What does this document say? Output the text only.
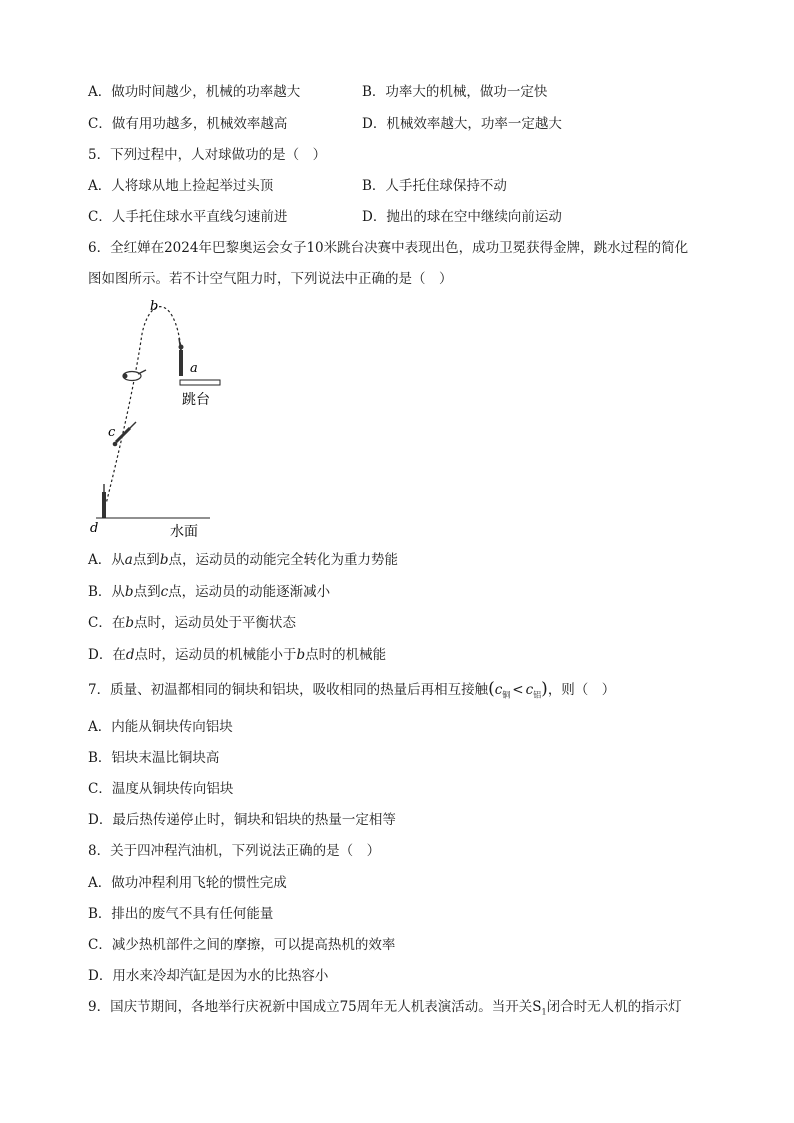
A．做功时间越少，机械的功率越大	B．功率大的机械，做功一定快
C．做有用功越多，机械效率越高	D．机械效率越大，功率一定越大
5．下列过程中，人对球做功的是（　）
A．人将球从地上捡起举过头顶	B．人手托住球保持不动
C．人手托住球水平直线匀速前进	D．抛出的球在空中继续向前运动
6．全红婵在2024年巴黎奥运会女子10米跳台决赛中表现出色，成功卫冕获得金牌，跳水过程的简化
图如图所示。若不计空气阻力时，下列说法中正确的是（　）
b
a
c
d
跳台
水面
A．从a点到b点，运动员的动能完全转化为重力势能
B．从b点到c点，运动员的动能逐渐减小
C．在b点时，运动员处于平衡状态
D．在d点时，运动员的机械能小于b点时的机械能
7．质量、初温都相同的铜块和铝块，吸收相同的热量后再相互接触$(c_铜 < c_铝)$，则（　）
A．内能从铜块传向铝块
B．铝块末温比铜块高
C．温度从铜块传向铝块
D．最后热传递停止时，铜块和铝块的热量一定相等
8．关于四冲程汽油机，下列说法正确的是（　）
A．做功冲程利用飞轮的惯性完成
B．排出的废气不具有任何能量
C．减少热机部件之间的摩擦，可以提高热机的效率
D．用水来冷却汽缸是因为水的比热容小
9．国庆节期间，各地举行庆祝新中国成立75周年无人机表演活动。当开关$S_1$闭合时无人机的指示灯
